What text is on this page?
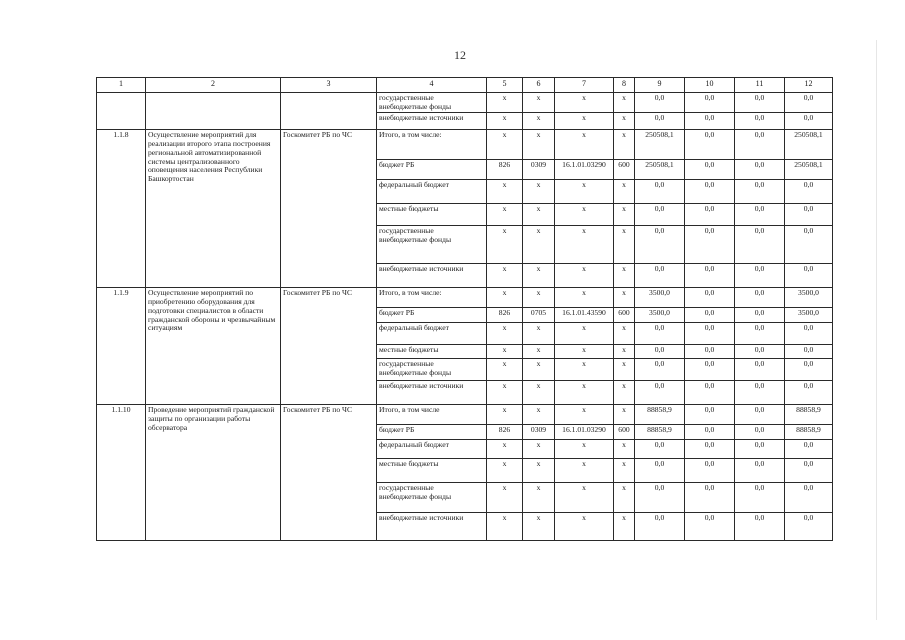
12
1	2	3	4	5	6	7	8	9	10	11	12
			государственные внебюджетные фонды	х	х	х	х	0,0	0,0	0,0	0,0
			внебюджетные источники	х	х	х	х	0,0	0,0	0,0	0,0
1.1.8	Осуществление мероприятий для реализации второго этапа построения региональной автоматизированной системы централизованного оповещения населения Республики Башкортостан	Госкомитет РБ по ЧС	Итого, в том числе:	х	х	х	х	250508,1	0,0	0,0	250508,1
			бюджет РБ	826	0309	16.1.01.03290	600	250508,1	0,0	0,0	250508,1
			федеральный бюджет	х	х	х	х	0,0	0,0	0,0	0,0
			местные бюджеты	х	х	х	х	0,0	0,0	0,0	0,0
			государственные внебюджетные фонды	х	х	х	х	0,0	0,0	0,0	0,0
			внебюджетные источники	х	х	х	х	0,0	0,0	0,0	0,0
1.1.9	Осуществление мероприятий по приобретению оборудования для подготовки специалистов в области гражданской обороны и чрезвычайным ситуациям	Госкомитет РБ по ЧС	Итого, в том числе:	х	х	х	х	3500,0	0,0	0,0	3500,0
			бюджет РБ	826	0705	16.1.01.43590	600	3500,0	0,0	0,0	3500,0
			федеральный бюджет	х	х	х	х	0,0	0,0	0,0	0,0
			местные бюджеты	х	х	х	х	0,0	0,0	0,0	0,0
			государственные внебюджетные фонды	х	х	х	х	0,0	0,0	0,0	0,0
			внебюджетные источники	х	х	х	х	0,0	0,0	0,0	0,0
1.1.10	Проведение мероприятий гражданской защиты по организации работы обсерватора	Госкомитет РБ по ЧС	Итого, в том числе	х	х	х	х	88858,9	0,0	0,0	88858,9
			бюджет РБ	826	0309	16.1.01.03290	600	88858,9	0,0	0,0	88858,9
			федеральный бюджет	х	х	х	х	0,0	0,0	0,0	0,0
			местные бюджеты	х	х	х	х	0,0	0,0	0,0	0,0
			государственные внебюджетные фонды	х	х	х	х	0,0	0,0	0,0	0,0
			внебюджетные источники	х	х	х	х	0,0	0,0	0,0	0,0
